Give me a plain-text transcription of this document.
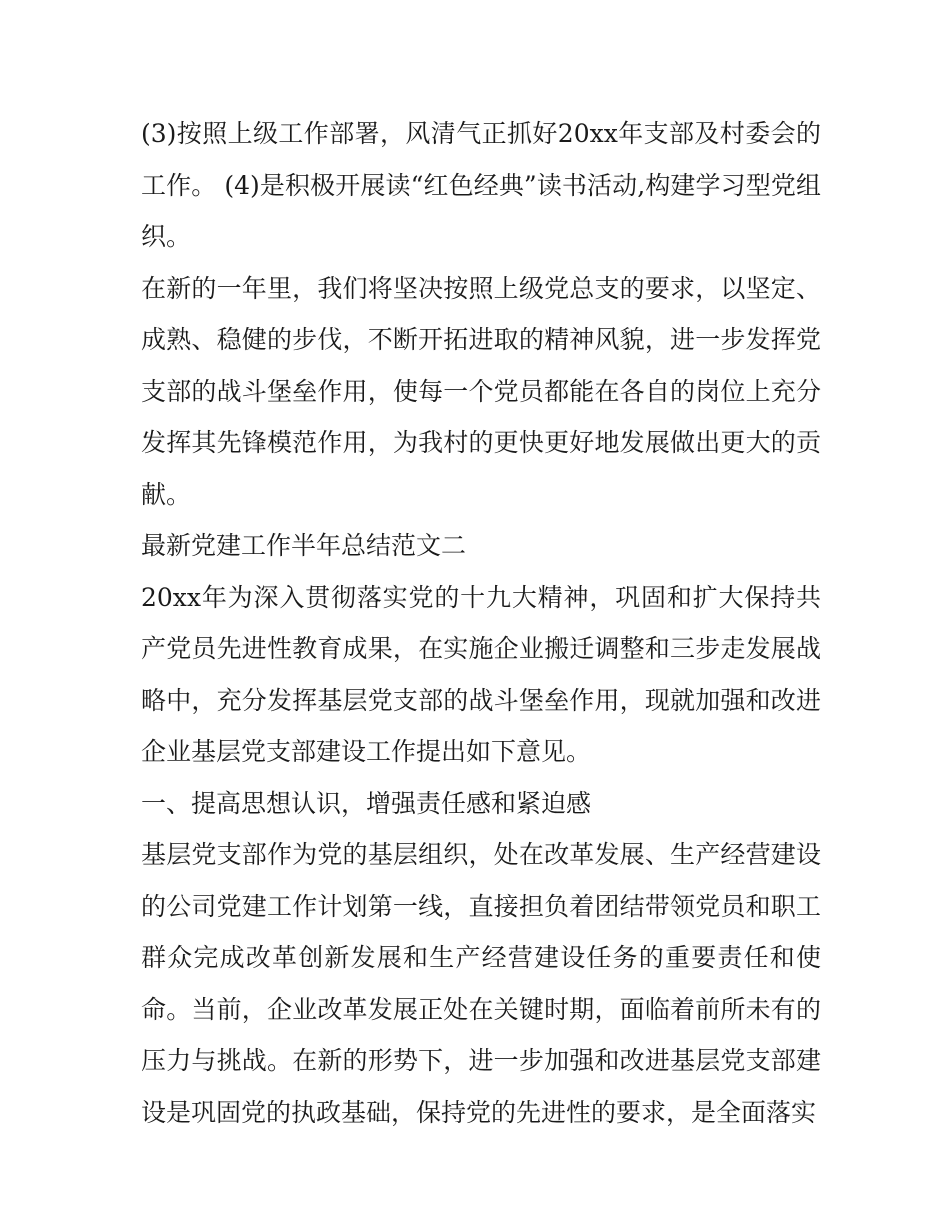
(3)按照上级工作部署，风清气正抓好20xx年支部及村委会的工作。 (4)是积极开展读“红色经典”读书活动,构建学习型党组织。

在新的一年里，我们将坚决按照上级党总支的要求，以坚定、成熟、稳健的步伐，不断开拓进取的精神风貌，进一步发挥党支部的战斗堡垒作用，使每一个党员都能在各自的岗位上充分发挥其先锋模范作用，为我村的更快更好地发展做出更大的贡献。

最新党建工作半年总结范文二

20xx年为深入贯彻落实党的十九大精神，巩固和扩大保持共产党员先进性教育成果，在实施企业搬迁调整和三步走发展战略中，充分发挥基层党支部的战斗堡垒作用，现就加强和改进企业基层党支部建设工作提出如下意见。

一、提高思想认识，增强责任感和紧迫感

基层党支部作为党的基层组织，处在改革发展、生产经营建设的公司党建工作计划第一线，直接担负着团结带领党员和职工群众完成改革创新发展和生产经营建设任务的重要责任和使命。当前，企业改革发展正处在关键时期，面临着前所未有的压力与挑战。在新的形势下，进一步加强和改进基层党支部建设是巩固党的执政基础，保持党的先进性的要求，是全面落实
